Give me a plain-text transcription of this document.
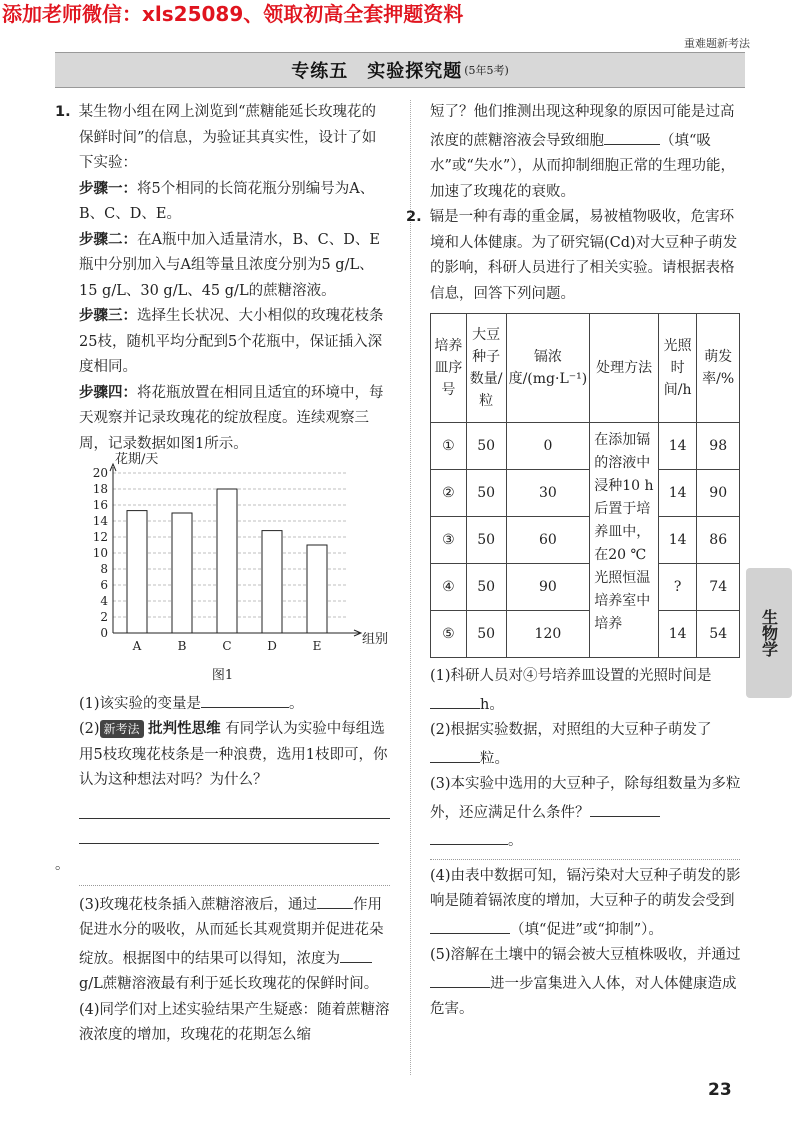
添加老师微信：xls25089、领取初高全套押题资料
重难题新考法
专练五　实验探究题 (5年5考)

1. 某生物小组在网上浏览到“蔗糖能延长玫瑰花的保鲜时间”的信息，为验证其真实性，设计了如下实验：

步骤一：将5个相同的长筒花瓶分别编号为A、B、C、D、E。

步骤二：在A瓶中加入适量清水，B、C、D、E瓶中分别加入与A组等量且浓度分别为5 g/L、15 g/L、30 g/L、45 g/L的蔗糖溶液。

步骤三：选择生长状况、大小相似的玫瑰花枝条25枝，随机平均分配到5个花瓶中，保证插入深度相同。

步骤四：将花瓶放置在相同且适宜的环境中，每天观察并记录玫瑰花的绽放程度。连续观察三周，记录数据如图1所示。

0
2
4
6
8
10
12
14
16
18
20
花期/天
组别
A	B	C	D	E

图1

(1)该实验的变量是	。

(2) 新考法 批判性思维 有同学认为实验中每组选用5枝玫瑰花枝条是一种浪费，选用1枝即可，你认为这种想法对吗？为什么？

。

(3)玫瑰花枝条插入蔗糖溶液后，通过 作用促进水分的吸收，从而延长其观赏期并促进花朵绽放。根据图中的结果可以得知，浓度为g/L蔗糖溶液最有利于延长玫瑰花的保鲜时间。

(4)同学们对上述实验结果产生疑惑：随着蔗糖溶液浓度的增加，玫瑰花的花期怎么缩

短了？他们推测出现这种现象的原因可能是过高浓度的蔗糖溶液会导致细胞	（填“吸水”或“失水”），从而抑制细胞正常的生理功能，加速了玫瑰花的衰败。

2. 镉是一种有毒的重金属，易被植物吸收，危害环境和人体健康。为了研究镉(Cd)对大豆种子萌发的影响，科研人员进行了相关实验。请根据表格信息，回答下列问题。

培养皿序号	大豆种子数量/粒	镉浓度/(mg·L⁻¹)	处理方法	光照时间/h	萌发率/%
①	50	0	在添加镉的溶液中浸种10 h后置于培养皿中，在20 ℃光照恒温培养室中培养	14	98
②	50	30		14	90
③	50	60		14	86
④	50	90		?	74
⑤	50	120		14	54

(1)科研人员对④号培养皿设置的光照时间是h。

(2)根据实验数据，对照组的大豆种子萌发了粒。

(3)本实验中选用的大豆种子，除每组数量为多粒外，还应满足什么条件？

。

(4)由表中数据可知，镉污染对大豆种子萌发的影响是随着镉浓度的增加，大豆种子的萌发会受到（填“促进”或“抑制”）。

(5)溶解在土壤中的镉会被大豆植株吸收，并通过进一步富集进入人体，对人体健康造成危害。

生物学
23
